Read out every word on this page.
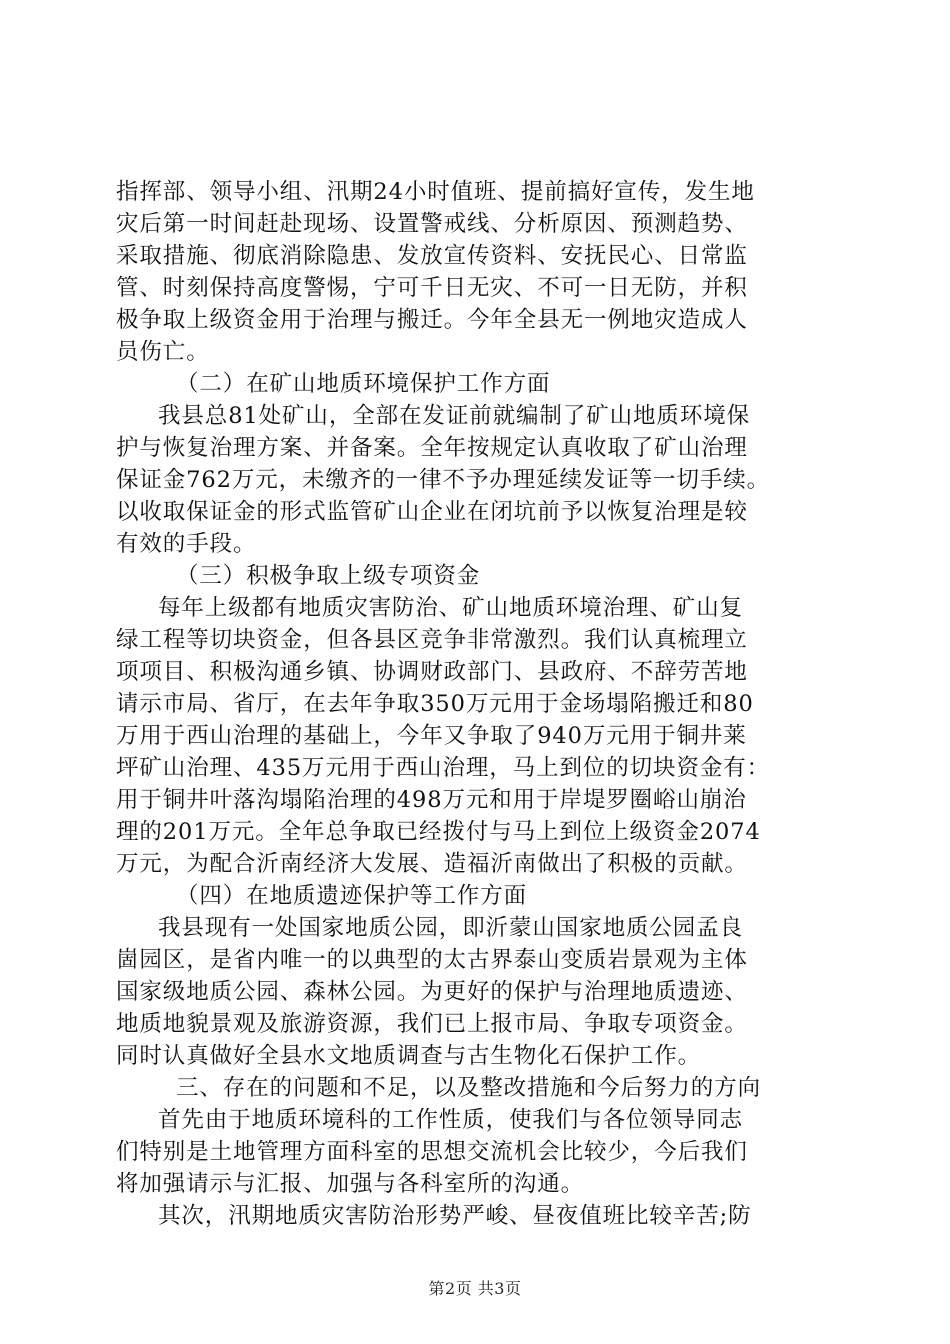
指挥部、领导小组、汛期24小时值班、提前搞好宣传，发生地
灾后第一时间赶赴现场、设置警戒线、分析原因、预测趋势、
采取措施、彻底消除隐患、发放宣传资料、安抚民心、日常监
管、时刻保持高度警惕，宁可千日无灾、不可一日无防，并积
极争取上级资金用于治理与搬迁。今年全县无一例地灾造成人
员伤亡。
（二）在矿山地质环境保护工作方面
我县总81处矿山，全部在发证前就编制了矿山地质环境保
护与恢复治理方案、并备案。全年按规定认真收取了矿山治理
保证金762万元，未缴齐的一律不予办理延续发证等一切手续。
以收取保证金的形式监管矿山企业在闭坑前予以恢复治理是较
有效的手段。
（三）积极争取上级专项资金
每年上级都有地质灾害防治、矿山地质环境治理、矿山复
绿工程等切块资金，但各县区竞争非常激烈。我们认真梳理立
项项目、积极沟通乡镇、协调财政部门、县政府、不辞劳苦地
请示市局、省厅，在去年争取350万元用于金场塌陷搬迁和80
万用于西山治理的基础上，今年又争取了940万元用于铜井莱
坪矿山治理、435万元用于西山治理，马上到位的切块资金有：
用于铜井叶落沟塌陷治理的498万元和用于岸堤罗圈峪山崩治
理的201万元。全年总争取已经拨付与马上到位上级资金2074
万元，为配合沂南经济大发展、造福沂南做出了积极的贡献。
（四）在地质遗迹保护等工作方面
我县现有一处国家地质公园，即沂蒙山国家地质公园孟良
崮园区，是省内唯一的以典型的太古界泰山变质岩景观为主体
国家级地质公园、森林公园。为更好的保护与治理地质遗迹、
地质地貌景观及旅游资源，我们已上报市局、争取专项资金。
同时认真做好全县水文地质调查与古生物化石保护工作。
三、存在的问题和不足，以及整改措施和今后努力的方向
首先由于地质环境科的工作性质，使我们与各位领导同志
们特别是土地管理方面科室的思想交流机会比较少，今后我们
将加强请示与汇报、加强与各科室所的沟通。
其次，汛期地质灾害防治形势严峻、昼夜值班比较辛苦;防
第2页 共3页
